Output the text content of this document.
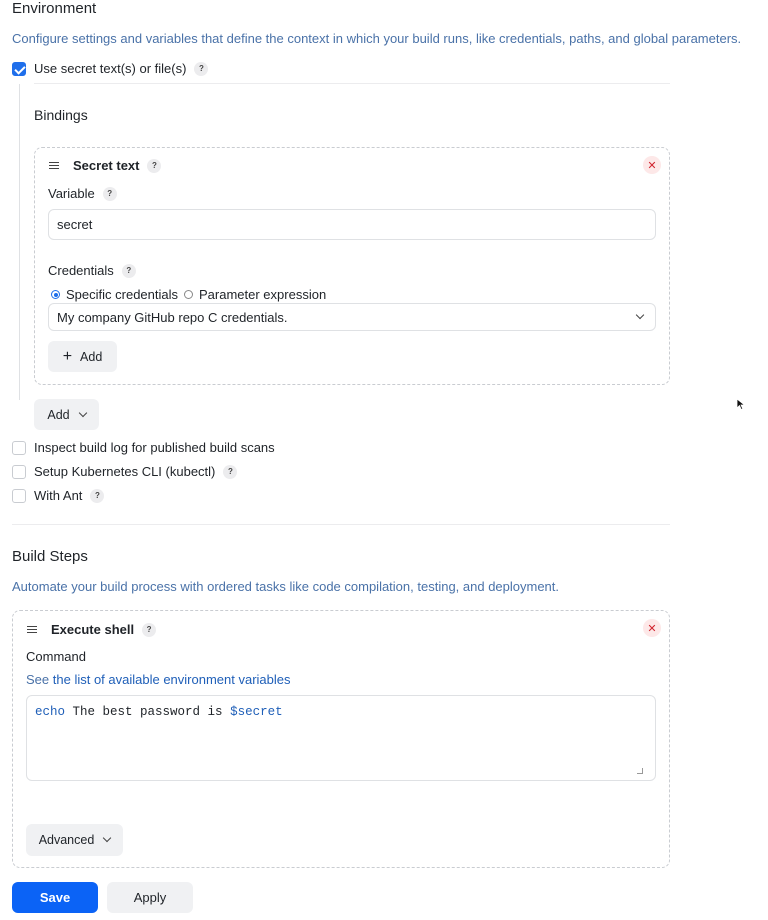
Environment
Configure settings and variables that define the context in which your build runs, like credentials, paths, and global parameters.
Use secret text(s) or file(s)	?
Bindings
Secret text	?	✕
Variable	?
secret
Credentials	?
Specific credentials Parameter expression
My company GitHub repo C credentials.
+ Add
Add
Inspect build log for published build scans
Setup Kubernetes CLI (kubectl)	?
With Ant	?
Build Steps
Automate your build process with ordered tasks like code compilation, testing, and deployment.
Execute shell	?	✕
Command
See the list of available environment variables
echo The best password is $secret
Advanced
Save	Apply
